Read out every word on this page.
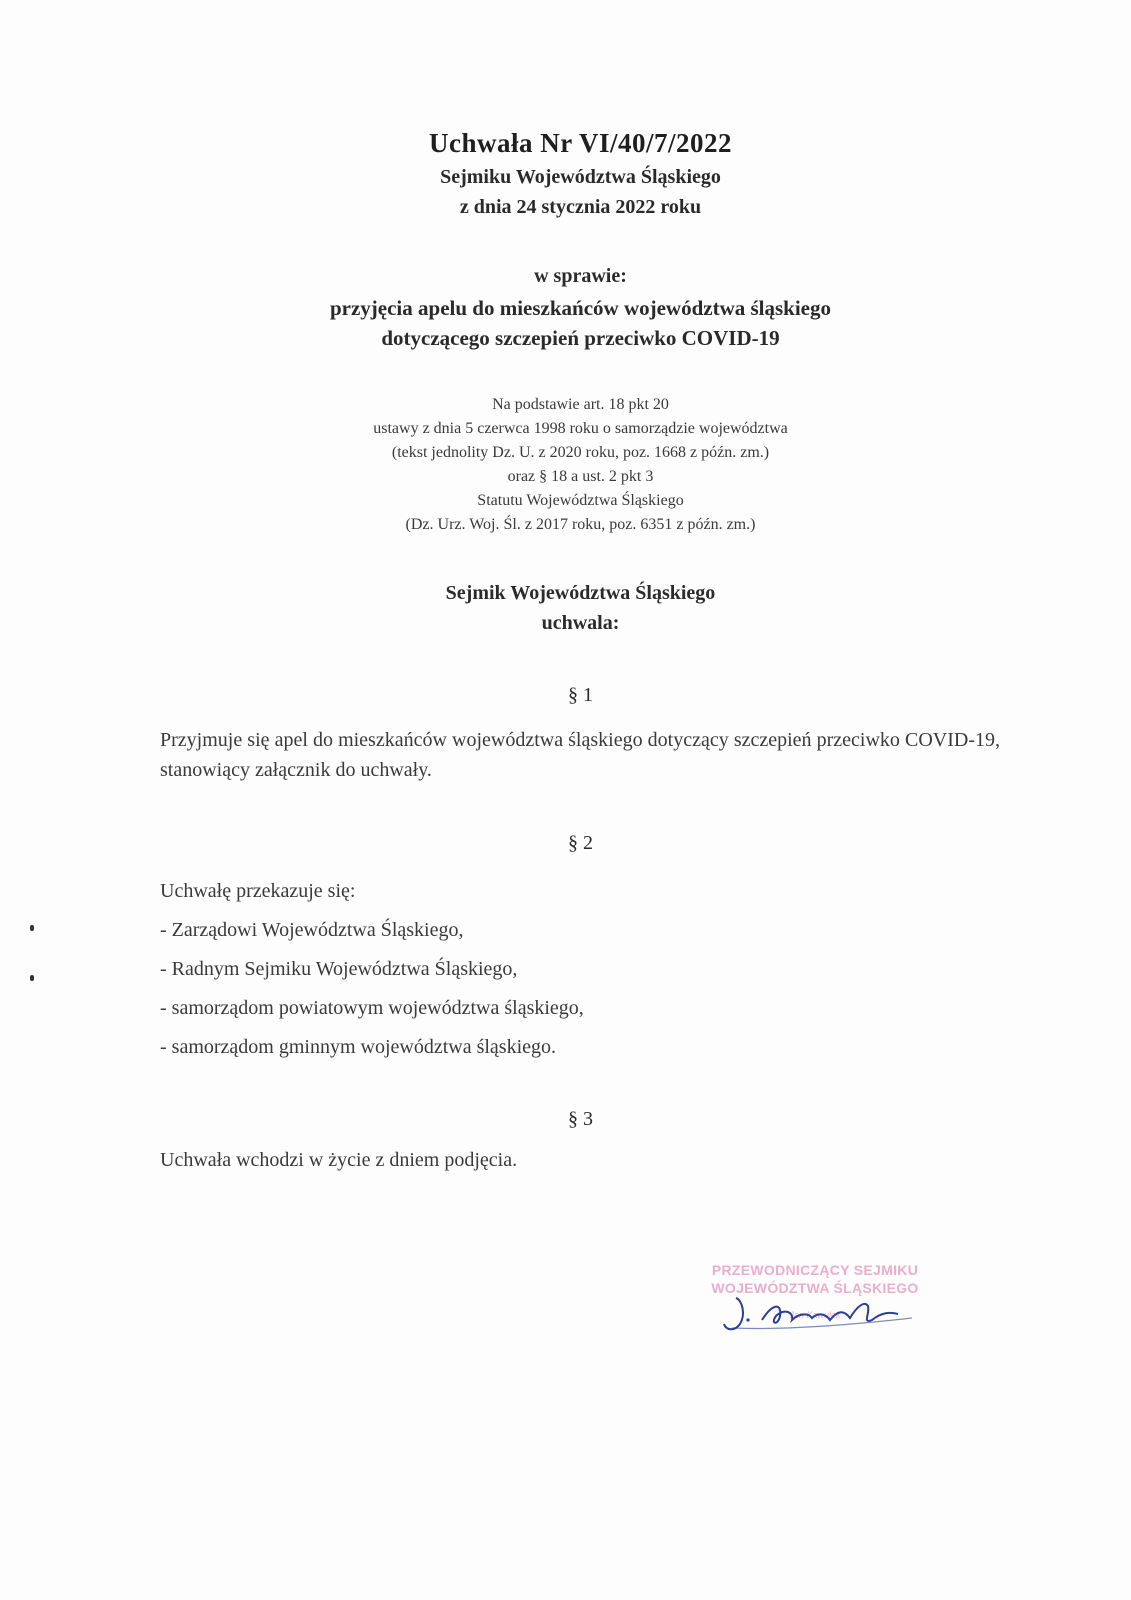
Uchwała Nr VI/40/7/2022
Sejmiku Województwa Śląskiego
z dnia 24 stycznia 2022 roku
w sprawie:
przyjęcia apelu do mieszkańców województwa śląskiego
dotyczącego szczepień przeciwko COVID-19
Na podstawie art. 18 pkt 20
ustawy z dnia 5 czerwca 1998 roku o samorządzie województwa
(tekst jednolity Dz. U. z 2020 roku, poz. 1668 z późn. zm.)
oraz § 18 a ust. 2 pkt 3
Statutu Województwa Śląskiego
(Dz. Urz. Woj. Śl. z 2017 roku, poz. 6351 z późn. zm.)
Sejmik Województwa Śląskiego
uchwala:
§ 1
Przyjmuje się apel do mieszkańców województwa śląskiego dotyczący szczepień przeciwko COVID-19, stanowiący załącznik do uchwały.
§ 2
Uchwałę przekazuje się:
- Zarządowi Województwa Śląskiego,
- Radnym Sejmiku Województwa Śląskiego,
- samorządom powiatowym województwa śląskiego,
- samorządom gminnym województwa śląskiego.
§ 3
Uchwała wchodzi w życie z dniem podjęcia.
PRZEWODNICZĄCY SEJMIKU
WOJEWÓDZTWA ŚLĄSKIEGO
Jan Kawulok
